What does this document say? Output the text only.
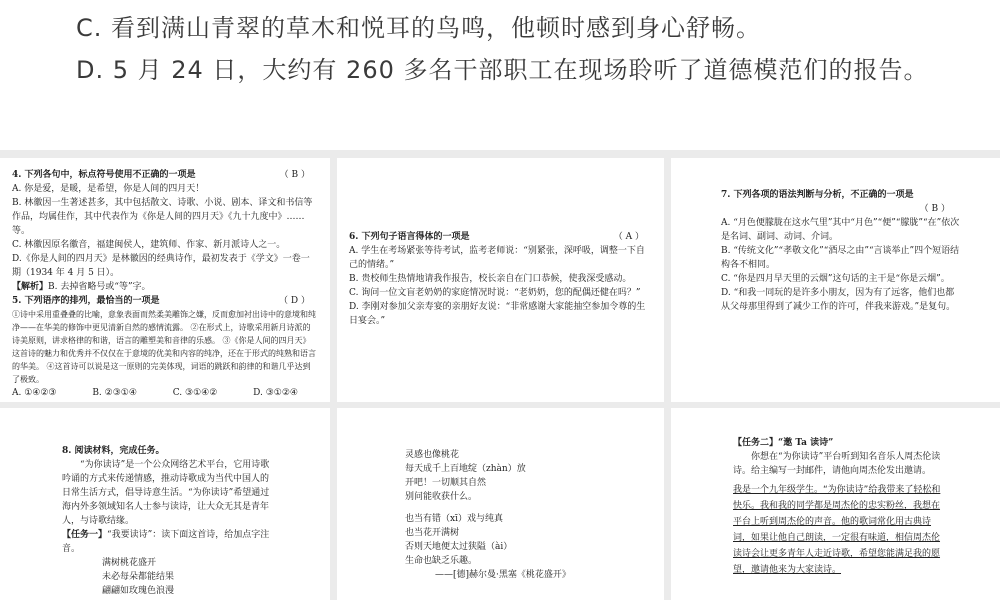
C. 看到满山青翠的草木和悦耳的鸟鸣，他顿时感到身心舒畅。
D. 5 月 24 日，大约有 260 多名干部职工在现场聆听了道德模范们的报告。
4. 下列各句中，标点符号使用不正确的一项是	（ B ）

A. 你是爱，是暖，是希望，你是人间的四月天！

B. 林徽因一生著述甚多，其中包括散文、诗歌、小说、剧本、译文和书信等作品，均属佳作，其中代表作为《你是人间的四月天》《九十九度中》……等。

C. 林徽因原名徽音，福建闽侯人，建筑师、作家、新月派诗人之一。

D.《你是人间的四月天》是林徽因的经典诗作，最初发表于《学文》一卷一期（1934 年 4 月 5 日）。

【解析】B. 去掉省略号或“等”字。

5. 下列语序的排列，最恰当的一项是	（ D ）

①诗中采用重叠叠的比喻，意象表面而然柔美雕饰之嫌，反而愈加衬出诗中的意境和纯净——在华美的修饰中更见清新自然的感情流露。 ②在形式上，诗歌采用新月诗派的诗美原则，讲求格律的和谐，语言的雕塑美和音律的乐感。 ③《你是人间的四月天》这首诗的魅力和优秀并不仅仅在于意境的优美和内容的纯净，还在于形式的纯熟和语言的华美。 ④这首诗可以说是这一原则的完美体现，词语的跳跃和韵律的和谐几乎达到了极致。

A. ①④②③	B. ②③①④	C. ③①④②	D. ③①②④
6. 下列句子语言得体的一项是	（ A ）

A. 学生在考场紧张等待考试，监考老师说：“别紧张，深呼吸，调整一下自己的情绪。”

B. 贵校师生热情地请我作报告，校长亲自在门口恭候，使我深受感动。

C. 询问一位文盲老奶奶的家庭情况时说：“老奶奶，您的配偶还健在吗？”

D. 李刚对参加父亲寿宴的亲朋好友说：“非常感谢大家能抽空参加令尊的生日宴会。”

7. 下列各项的语法判断与分析，不正确的一项是
（ B ）

A. “月色便朦胧在这水气里”其中“月色”“便”“朦胧”“在”依次是名词、副词、动词、介词。

B. “传统文化”“孝敬文化”“酒尽之由”“言谈举止”四个短语结构各不相同。

C. “你是四月早天里的云烟”这句话的主干是“你是云烟”。

D. “和我一同玩的是许多小朋友，因为有了远客，他们也都从父母那里得到了减少工作的许可，伴我来游戏。”是复句。

8. 阅读材料，完成任务。

“为你读诗”是一个公众网络艺术平台，它用诗歌吟诵的方式来传递情感，推动诗歌成为当代中国人的日常生活方式，倡导诗意生活。“为你读诗”希望通过海内外多领域知名人士参与读诗，让大众无其是青年人，与诗歌结缘。

【任务一】“我要读诗”：读下面这首诗，给加点字注音。

满树桃花盛开
未必每朵都能结果
翩翩如玫瑰色浪漫
灵感也像桃花
每天成千上百地绽（zhàn）放
开吧！一切顺其自然
别问能收获什么。
也当有错（xī）戏与纯真
也当花开满树
否则天地便太过狭隘（ài）
生命也缺乏乐趣。
——[德]赫尔曼·黑塞《桃花盛开》
【任务二】“邀 Ta 读诗”

你想在“为你读诗”平台听到知名音乐人周杰伦读诗。给主编写一封邮件，请他向周杰伦发出邀请。

我是一个九年级学生。“为你读诗”给我带来了轻松和快乐。我和我的同学都是周杰伦的忠实粉丝，我想在平台上听到周杰伦的声音。他的歌词常化用古典诗词，如果让他自己朗读，一定很有味道，相信周杰伦读诗会让更多青年人走近诗歌，希望您能满足我的愿望，邀请他来为大家读诗。
